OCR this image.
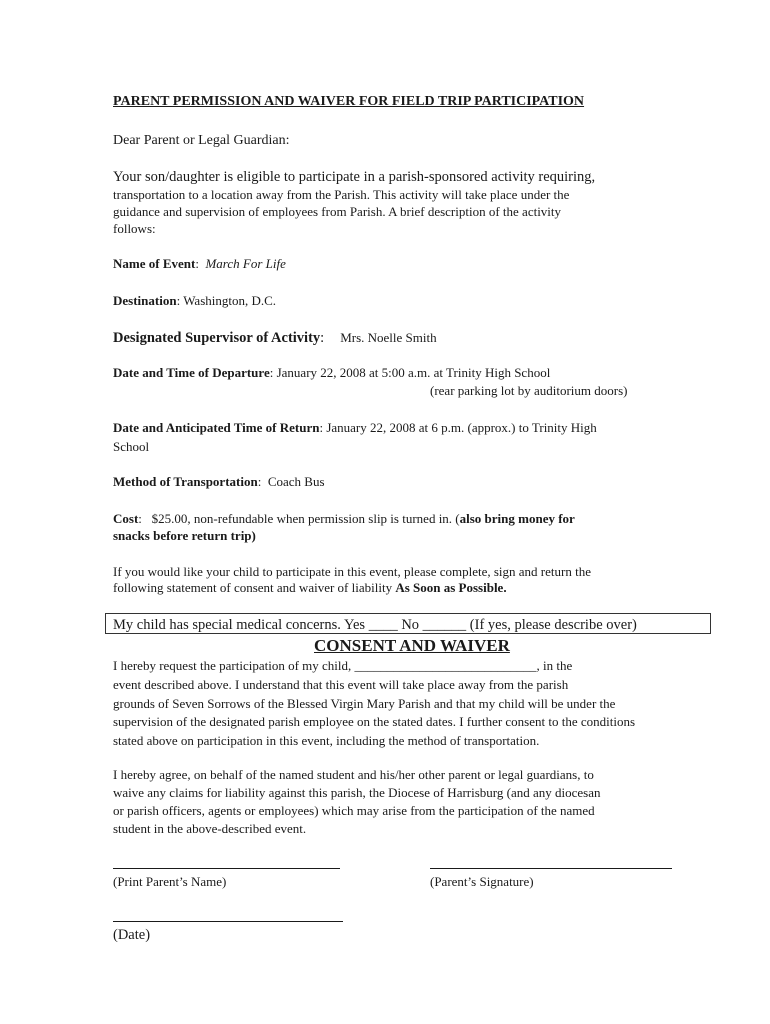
PARENT PERMISSION AND WAIVER FOR FIELD TRIP PARTICIPATION
Dear Parent or Legal Guardian:
Your son/daughter is eligible to participate in a parish-sponsored activity requiring,
transportation to a location away from the Parish. This activity will take place under the
guidance and supervision of employees from Parish. A brief description of the activity
follows:
Name of Event:  March For Life
Destination: Washington, D.C.
Designated Supervisor of Activity: Mrs. Noelle Smith
Date and Time of Departure: January 22, 2008 at 5:00 a.m. at Trinity High School
(rear parking lot by auditorium doors)
Date and Anticipated Time of Return: January 22, 2008 at 6 p.m. (approx.) to Trinity High
School
Method of Transportation:  Coach Bus
Cost:   $25.00, non-refundable when permission slip is turned in. (also bring money for
snacks before return trip)
If you would like your child to participate in this event, please complete, sign and return the
following statement of consent and waiver of liability As Soon as Possible.
My child has special medical concerns. Yes ____ No ______ (If yes, please describe over)
CONSENT AND WAIVER
I hereby request the participation of my child, ____________________________, in the
event described above. I understand that this event will take place away from the parish
grounds of Seven Sorrows of the Blessed Virgin Mary Parish and that my child will be under the
supervision of the designated parish employee on the stated dates. I further consent to the conditions
stated above on participation in this event, including the method of transportation.
I hereby agree, on behalf of the named student and his/her other parent or legal guardians, to
waive any claims for liability against this parish, the Diocese of Harrisburg (and any diocesan
or parish officers, agents or employees) which may arise from the participation of the named
student in the above-described event.
(Print Parent’s Name)	(Parent’s Signature)
(Date)
